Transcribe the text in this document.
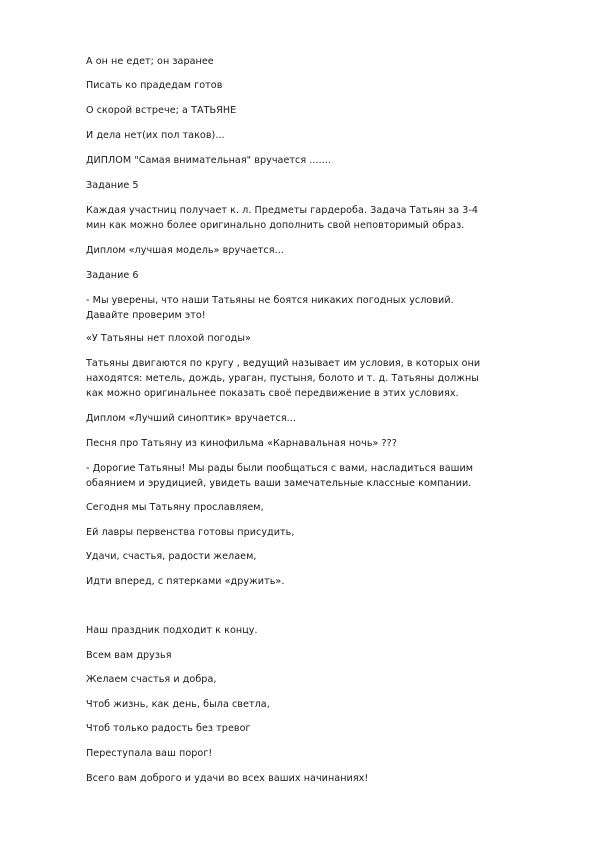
А он не едет; он заранее
Писать ко прадедам готов
О скорой встрече; а ТАТЬЯНЕ
И дела нет(их пол таков)...
ДИПЛОМ "Самая внимательная" вручается .......
Задание 5
Каждая участниц получает к. л. Предметы гардероба. Задача Татьян за 3-4
мин как можно более оригинально дополнить свой неповторимый образ.
Диплом «лучшая модель» вручается...
Задание 6
- Мы уверены, что наши Татьяны не боятся никаких погодных условий.
Давайте проверим это!
«У Татьяны нет плохой погоды»
Татьяны двигаются по кругу , ведущий называет им условия, в которых они
находятся: метель, дождь, ураган, пустыня, болото и т. д. Татьяны должны
как можно оригинальнее показать своё передвижение в этих условиях.
Диплом «Лучший синоптик» вручается...
Песня про Татьяну из кинофильма «Карнавальная ночь» ???
- Дорогие Татьяны! Мы рады были пообщаться с вами, насладиться вашим
обаянием и эрудицией, увидеть ваши замечательные классные компании.
Сегодня мы Татьяну прославляем,
Ей лавры первенства готовы присудить,
Удачи, счастья, радости желаем,
Идти вперед, с пятерками «дружить».
Наш праздник подходит к концу.
Всем вам друзья
Желаем счастья и добра,
Чтоб жизнь, как день, была светла,
Чтоб только радость без тревог
Переступала ваш порог!
Всего вам доброго и удачи во всех ваших начинаниях!
